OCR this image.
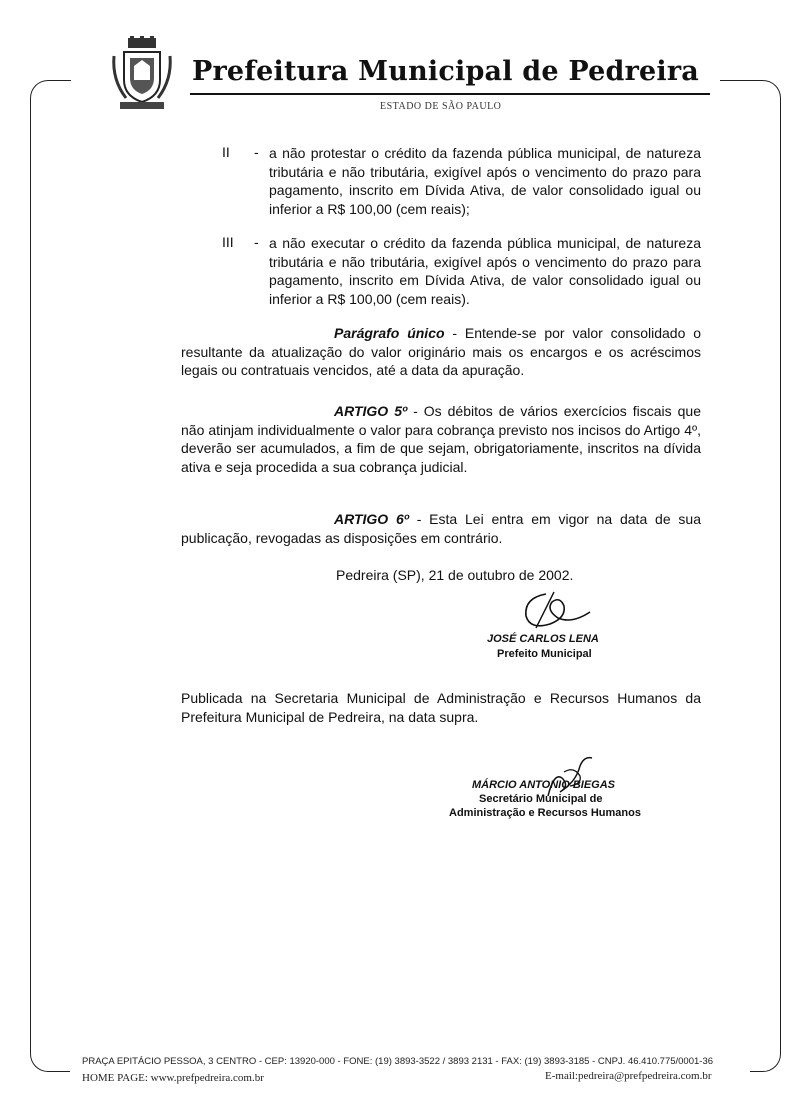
Prefeitura Municipal de Pedreira
ESTADO DE SÃO PAULO
II - a não protestar o crédito da fazenda pública municipal, de natureza tributária e não tributária, exigível após o vencimento do prazo para pagamento, inscrito em Dívida Ativa, de valor consolidado igual ou inferior a R$ 100,00 (cem reais);
III - a não executar o crédito da fazenda pública municipal, de natureza tributária e não tributária, exigível após o vencimento do prazo para pagamento, inscrito em Dívida Ativa, de valor consolidado igual ou inferior a R$ 100,00 (cem reais).
Parágrafo único - Entende-se por valor consolidado o resultante da atualização do valor originário mais os encargos e os acréscimos legais ou contratuais vencidos, até a data da apuração.
ARTIGO 5º - Os débitos de vários exercícios fiscais que não atinjam individualmente o valor para cobrança previsto nos incisos do Artigo 4º, deverão ser acumulados, a fim de que sejam, obrigatoriamente, inscritos na dívida ativa e seja procedida a sua cobrança judicial.
ARTIGO 6º - Esta Lei entra em vigor na data de sua publicação, revogadas as disposições em contrário.
Pedreira (SP), 21 de outubro de 2002.
JOSÉ CARLOS LENA
Prefeito Municipal
Publicada na Secretaria Municipal de Administração e Recursos Humanos da Prefeitura Municipal de Pedreira, na data supra.
MÁRCIO ANTONIO BIEGAS
Secretário Municipal de
Administração e Recursos Humanos
PRAÇA EPITÁCIO PESSOA, 3 CENTRO - CEP: 13920-000 - FONE: (19) 3893-3522 / 3893 2131 - FAX: (19) 3893-3185 - CNPJ. 46.410.775/0001-36
HOME PAGE: www.prefpedreira.com.br	E-mail:pedreira@prefpedreira.com.br
